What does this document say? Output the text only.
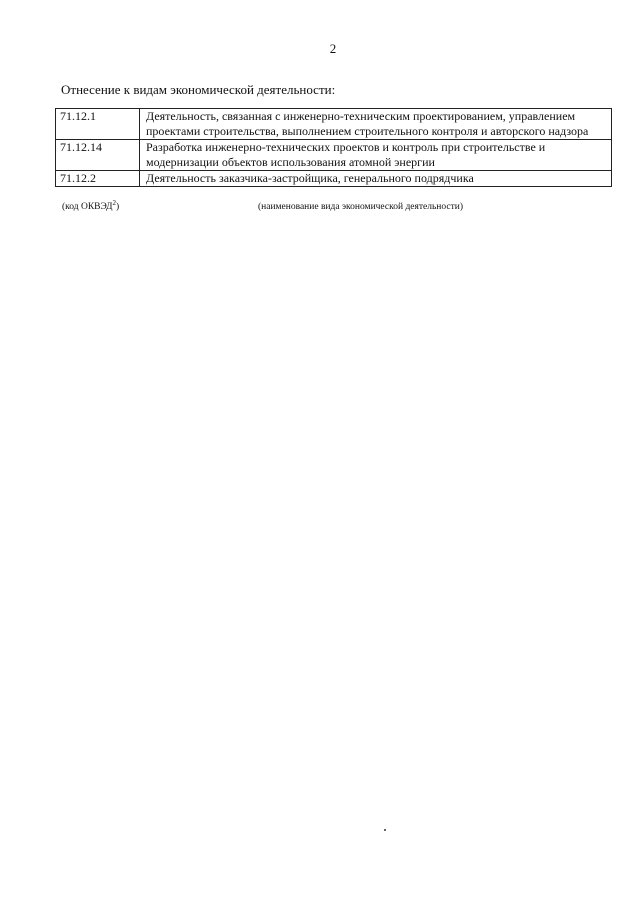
2
Отнесение к видам экономической деятельности:
71.12.1	Деятельность, связанная с инженерно-техническим проектированием, управлением проектами строительства, выполнением строительного контроля и авторского надзора
71.12.14	Разработка инженерно-технических проектов и контроль при строительстве и модернизации объектов использования атомной энергии
71.12.2	Деятельность заказчика-застройщика, генерального подрядчика
(код ОКВЭД$^2$)	(наименование вида экономической деятельности)
